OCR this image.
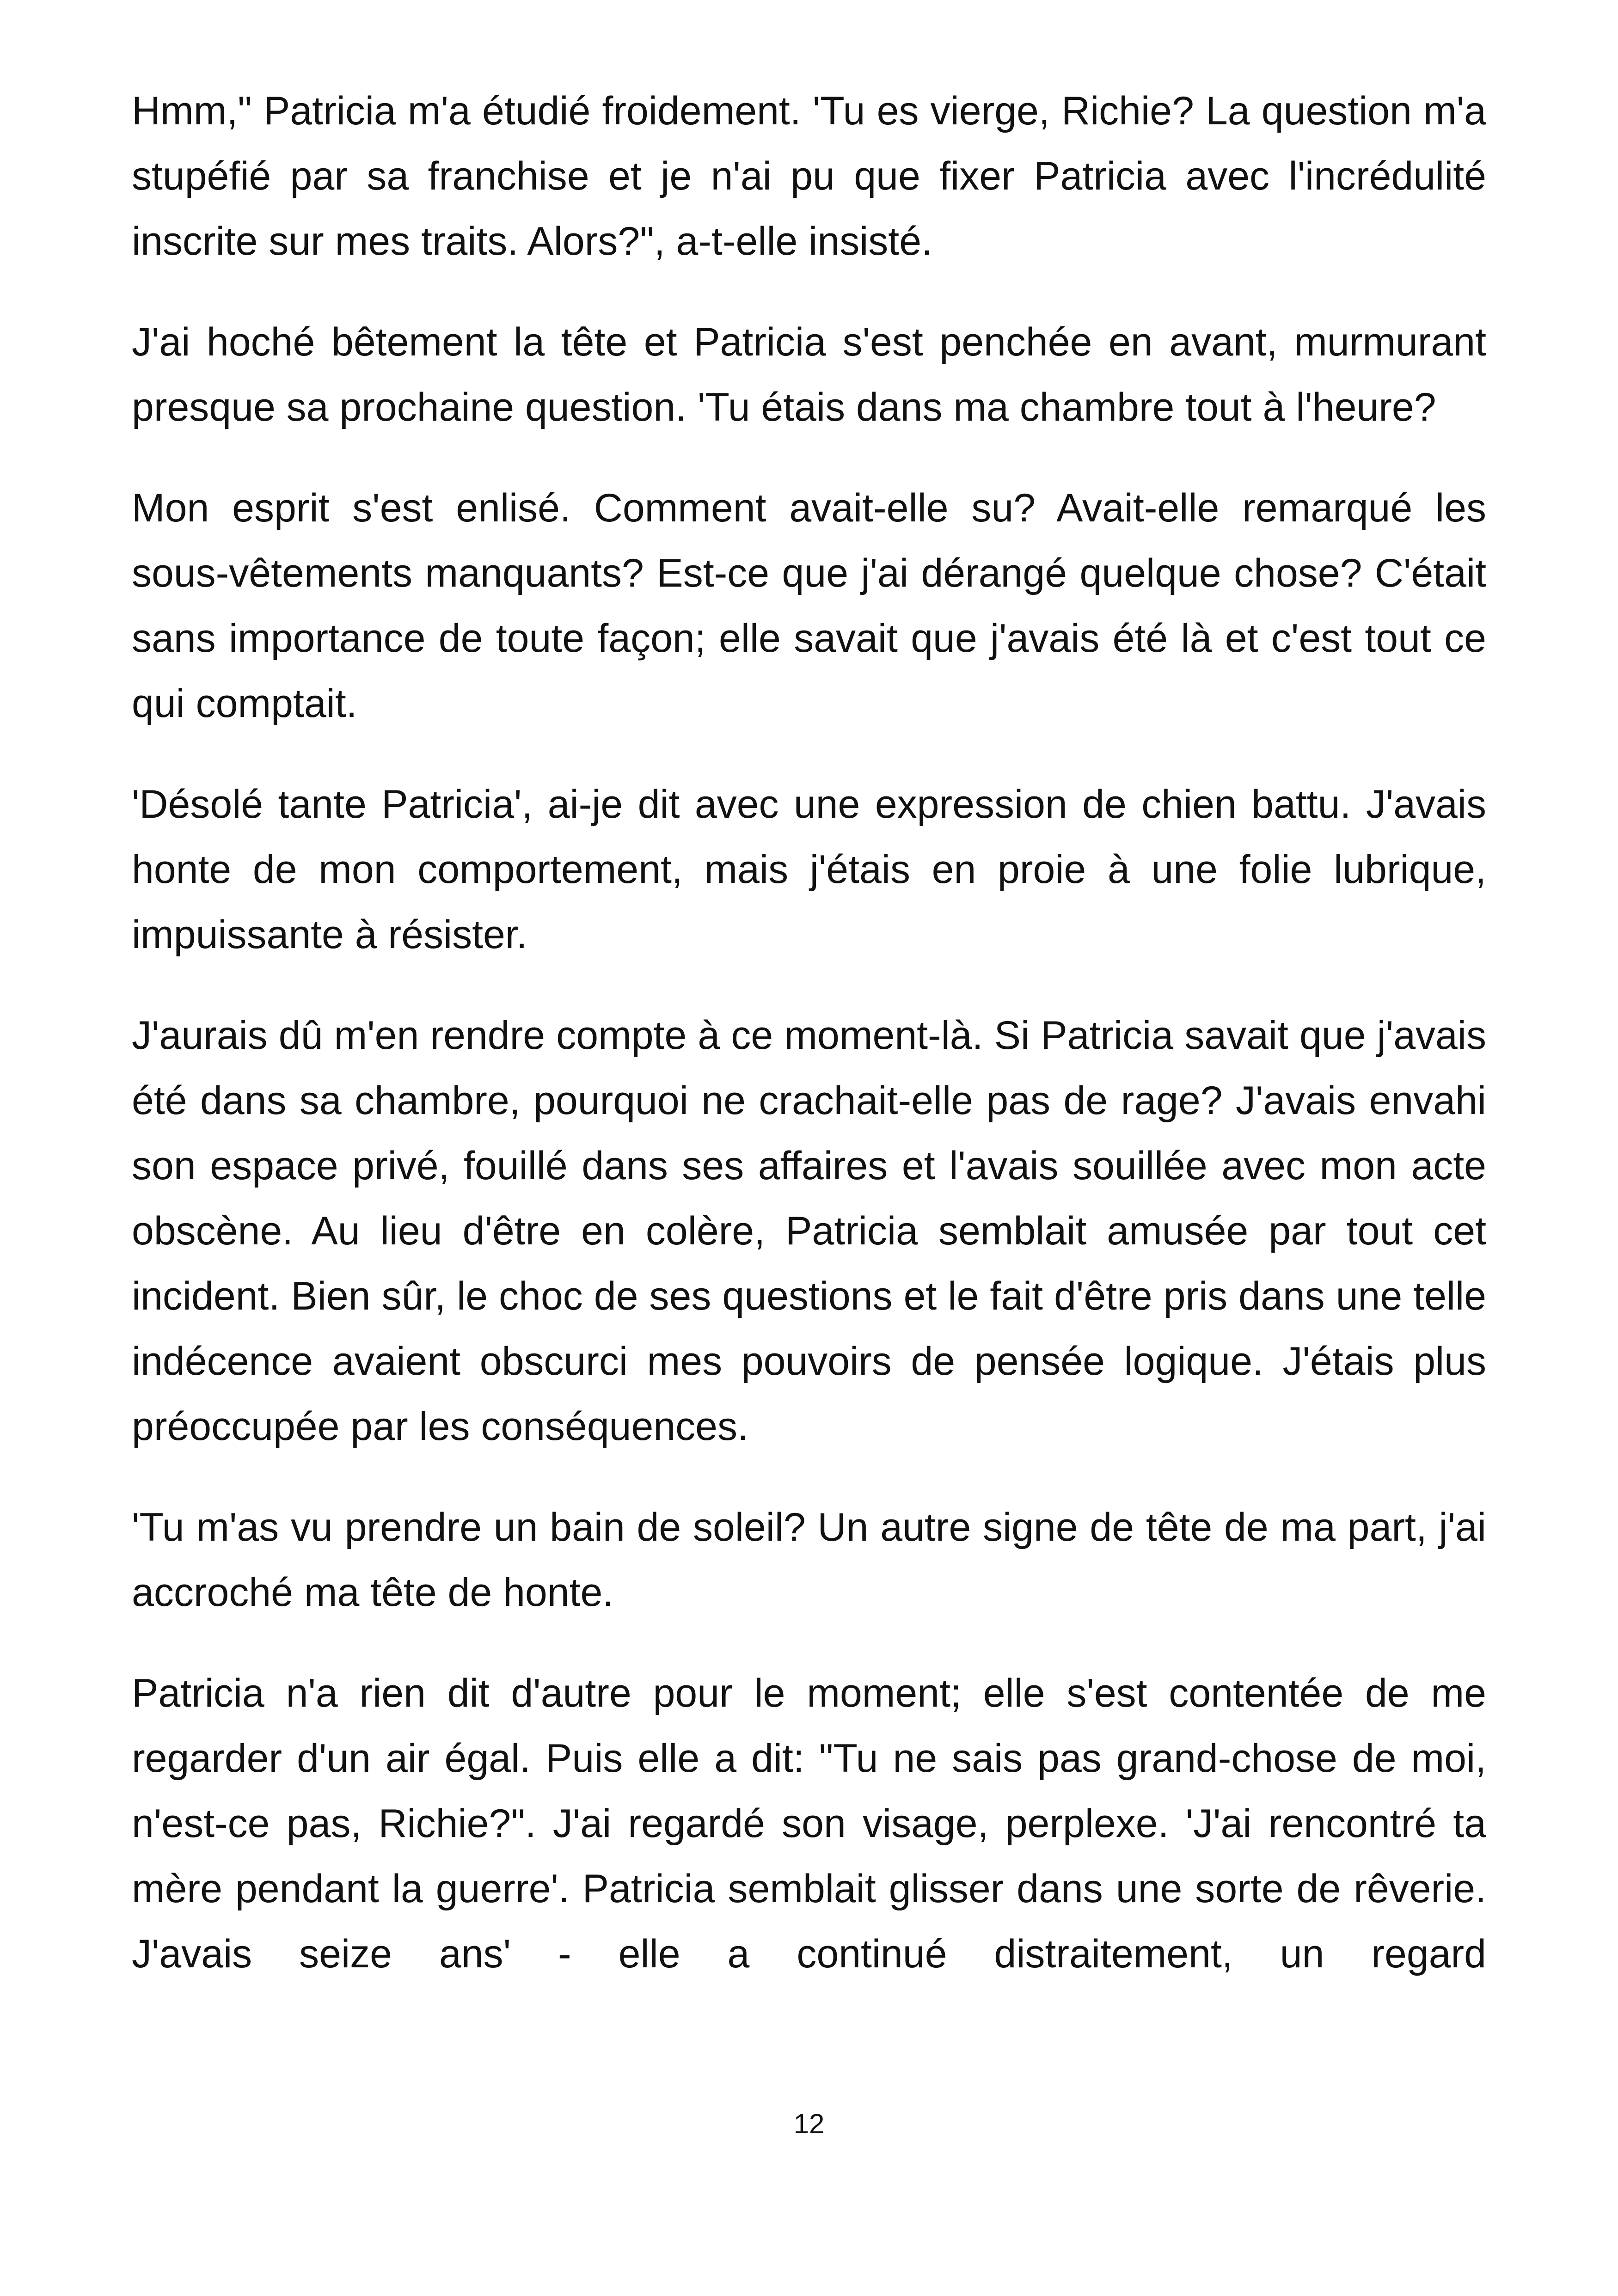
Hmm," Patricia m'a étudié froidement. 'Tu es vierge, Richie? La question m'a stupéfié par sa franchise et je n'ai pu que fixer Patricia avec l'incrédulité inscrite sur mes traits. Alors?", a-t-elle insisté.

J'ai hoché bêtement la tête et Patricia s'est penchée en avant, murmurant presque sa prochaine question. 'Tu étais dans ma chambre tout à l'heure?

Mon esprit s'est enlisé. Comment avait-elle su? Avait-elle remarqué les sous-vêtements manquants? Est-ce que j'ai dérangé quelque chose? C'était sans importance de toute façon; elle savait que j'avais été là et c'est tout ce qui comptait.

'Désolé tante Patricia', ai-je dit avec une expression de chien battu. J'avais honte de mon comportement, mais j'étais en proie à une folie lubrique, impuissante à résister.

J'aurais dû m'en rendre compte à ce moment-là. Si Patricia savait que j'avais été dans sa chambre, pourquoi ne crachait-elle pas de rage? J'avais envahi son espace privé, fouillé dans ses affaires et l'avais souillée avec mon acte obscène. Au lieu d'être en colère, Patricia semblait amusée par tout cet incident. Bien sûr, le choc de ses questions et le fait d'être pris dans une telle indécence avaient obscurci mes pouvoirs de pensée logique. J'étais plus préoccupée par les conséquences.

'Tu m'as vu prendre un bain de soleil? Un autre signe de tête de ma part, j'ai accroché ma tête de honte.

Patricia n'a rien dit d'autre pour le moment; elle s'est contentée de me regarder d'un air égal. Puis elle a dit: "Tu ne sais pas grand-chose de moi, n'est-ce pas, Richie?". J'ai regardé son visage, perplexe. 'J'ai rencontré ta mère pendant la guerre'. Patricia semblait glisser dans une sorte de rêverie. J'avais seize ans' - elle a continué distraitement, un regard

12
